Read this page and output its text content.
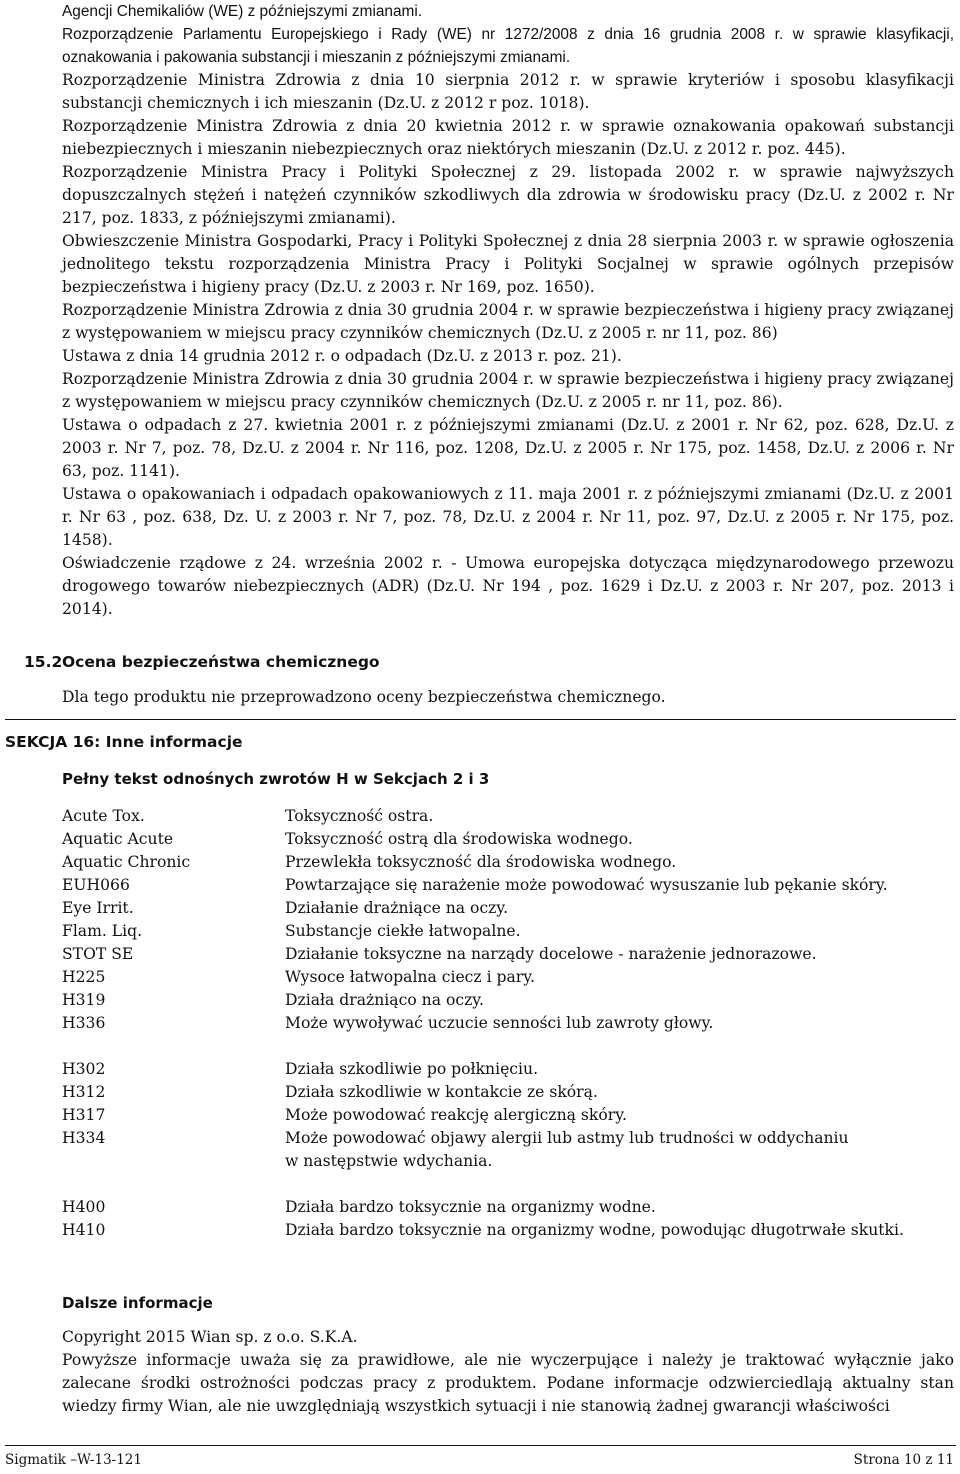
Agencji Chemikaliów (WE) z późniejszymi zmianami.

Rozporządzenie Parlamentu Europejskiego i Rady (WE) nr 1272/2008 z dnia 16 grudnia 2008 r. w sprawie klasyfikacji, oznakowania i pakowania substancji i mieszanin z późniejszymi zmianami.

Rozporządzenie Ministra Zdrowia z dnia 10 sierpnia 2012 r. w sprawie kryteriów i sposobu klasyfikacji substancji chemicznych i ich mieszanin (Dz.U. z 2012 r poz. 1018).

Rozporządzenie Ministra Zdrowia z dnia 20 kwietnia 2012 r. w sprawie oznakowania opakowań substancji niebezpiecznych i mieszanin niebezpiecznych oraz niektórych mieszanin (Dz.U. z 2012 r. poz. 445).

Rozporządzenie Ministra Pracy i Polityki Społecznej z 29. listopada 2002 r. w sprawie najwyższych dopuszczalnych stężeń i natężeń czynników szkodliwych dla zdrowia w środowisku pracy (Dz.U. z 2002 r. Nr 217, poz. 1833, z późniejszymi zmianami).

Obwieszczenie Ministra Gospodarki, Pracy i Polityki Społecznej z dnia 28 sierpnia 2003 r. w sprawie ogłoszenia jednolitego tekstu rozporządzenia Ministra Pracy i Polityki Socjalnej w sprawie ogólnych przepisów bezpieczeństwa i higieny pracy (Dz.U. z 2003 r. Nr 169, poz. 1650).

Rozporządzenie Ministra Zdrowia z dnia 30 grudnia 2004 r. w sprawie bezpieczeństwa i higieny pracy związanej z występowaniem w miejscu pracy czynników chemicznych (Dz.U. z 2005 r. nr 11, poz. 86)

Ustawa z dnia 14 grudnia 2012 r. o odpadach (Dz.U. z 2013 r. poz. 21).

Rozporządzenie Ministra Zdrowia z dnia 30 grudnia 2004 r. w sprawie bezpieczeństwa i higieny pracy związanej z występowaniem w miejscu pracy czynników chemicznych (Dz.U. z 2005 r. nr 11, poz. 86).

Ustawa o odpadach z 27. kwietnia 2001 r. z późniejszymi zmianami (Dz.U. z 2001 r. Nr 62, poz. 628, Dz.U. z 2003 r. Nr 7, poz. 78, Dz.U. z 2004 r. Nr 116, poz. 1208, Dz.U. z 2005 r. Nr 175, poz. 1458, Dz.U. z 2006 r. Nr 63, poz. 1141).

Ustawa o opakowaniach i odpadach opakowaniowych z 11. maja 2001 r. z późniejszymi zmianami (Dz.U. z 2001 r. Nr 63 , poz. 638, Dz. U. z 2003 r. Nr 7, poz. 78, Dz.U. z 2004 r. Nr 11, poz. 97, Dz.U. z 2005 r. Nr 175, poz. 1458).

Oświadczenie rządowe z 24. września 2002 r. - Umowa europejska dotycząca międzynarodowego przewozu drogowego towarów niebezpiecznych (ADR) (Dz.U. Nr 194 , poz. 1629 i Dz.U. z 2003 r. Nr 207, poz. 2013 i 2014).

15.2Ocena bezpieczeństwa chemicznego
Dla tego produktu nie przeprowadzono oceny bezpieczeństwa chemicznego.
SEKCJA 16: Inne informacje
Pełny tekst odnośnych zwrotów H w Sekcjach 2 i 3
Acute Tox.	Toksyczność ostra.
Aquatic Acute	Toksyczność ostrą dla środowiska wodnego.
Aquatic Chronic	Przewlekła toksyczność dla środowiska wodnego.
EUH066	Powtarzające się narażenie może powodować wysuszanie lub pękanie skóry.
Eye Irrit.	Działanie drażniące na oczy.
Flam. Liq.	Substancje ciekłe łatwopalne.
STOT SE	Działanie toksyczne na narządy docelowe - narażenie jednorazowe.
H225	Wysoce łatwopalna ciecz i pary.
H319	Działa drażniąco na oczy.
H336	Może wywoływać uczucie senności lub zawroty głowy.
H302	Działa szkodliwie po połknięciu.
H312	Działa szkodliwie w kontakcie ze skórą.
H317	Może powodować reakcję alergiczną skóry.
H334	Może powodować objawy alergii lub astmy lub trudności w oddychaniu
w następstwie wdychania.
H400	Działa bardzo toksycznie na organizmy wodne.
H410	Działa bardzo toksycznie na organizmy wodne, powodując długotrwałe skutki.
Dalsze informacje

Copyright 2015 Wian sp. z o.o. S.K.A.

Powyższe informacje uważa się za prawidłowe, ale nie wyczerpujące i należy je traktować wyłącznie jako zalecane środki ostrożności podczas pracy z produktem. Podane informacje odzwierciedlają aktualny stan wiedzy firmy Wian, ale nie uwzględniają wszystkich sytuacji i nie stanowią żadnej gwarancji właściwości

Sigmatik –W-13-121	Strona 10 z 11
